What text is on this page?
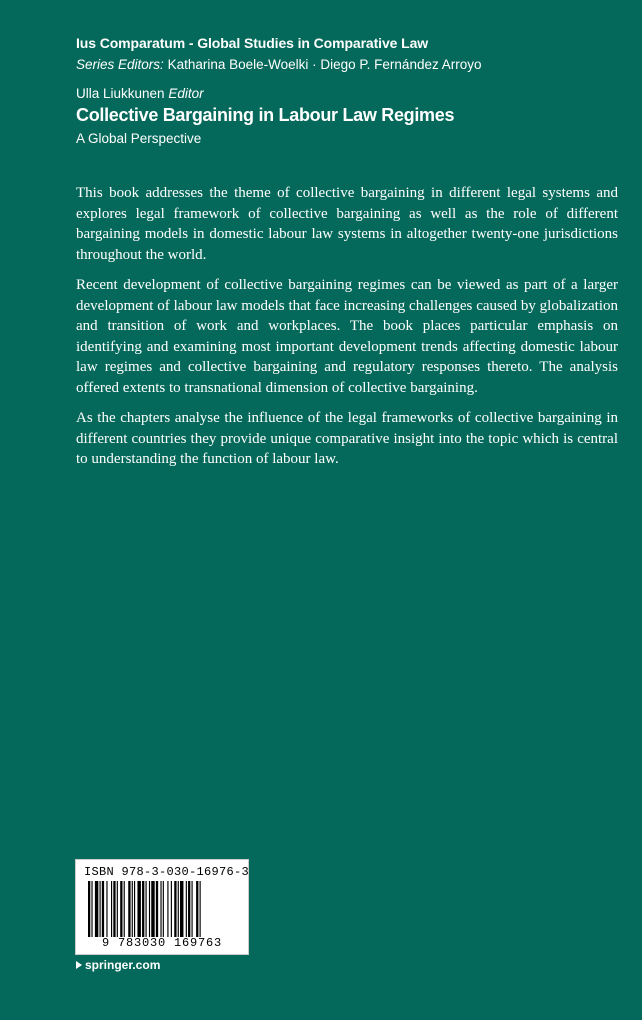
Ius Comparatum - Global Studies in Comparative Law
Series Editors: Katharina Boele-Woelki · Diego P. Fernández Arroyo
Ulla Liukkunen Editor
Collective Bargaining in Labour Law Regimes
A Global Perspective

This book addresses the theme of collective bargaining in different legal systems and explores legal framework of collective bargaining as well as the role of different bargaining models in domestic labour law systems in altogether twenty-one jurisdictions throughout the world.

Recent development of collective bargaining regimes can be viewed as part of a larger development of labour law models that face increasing challenges caused by globalization and transition of work and workplaces. The book places particular emphasis on identifying and examining most important development trends affecting domestic labour law regimes and collective bargaining and regulatory responses thereto. The analysis offered extents to transnational dimension of collective bargaining.

As the chapters analyse the influence of the legal frameworks of collective bargaining in different countries they provide unique comparative insight into the topic which is central to understanding the function of labour law.

ISBN 978-3-030-16976-3
9 783030 169763
springer.com
